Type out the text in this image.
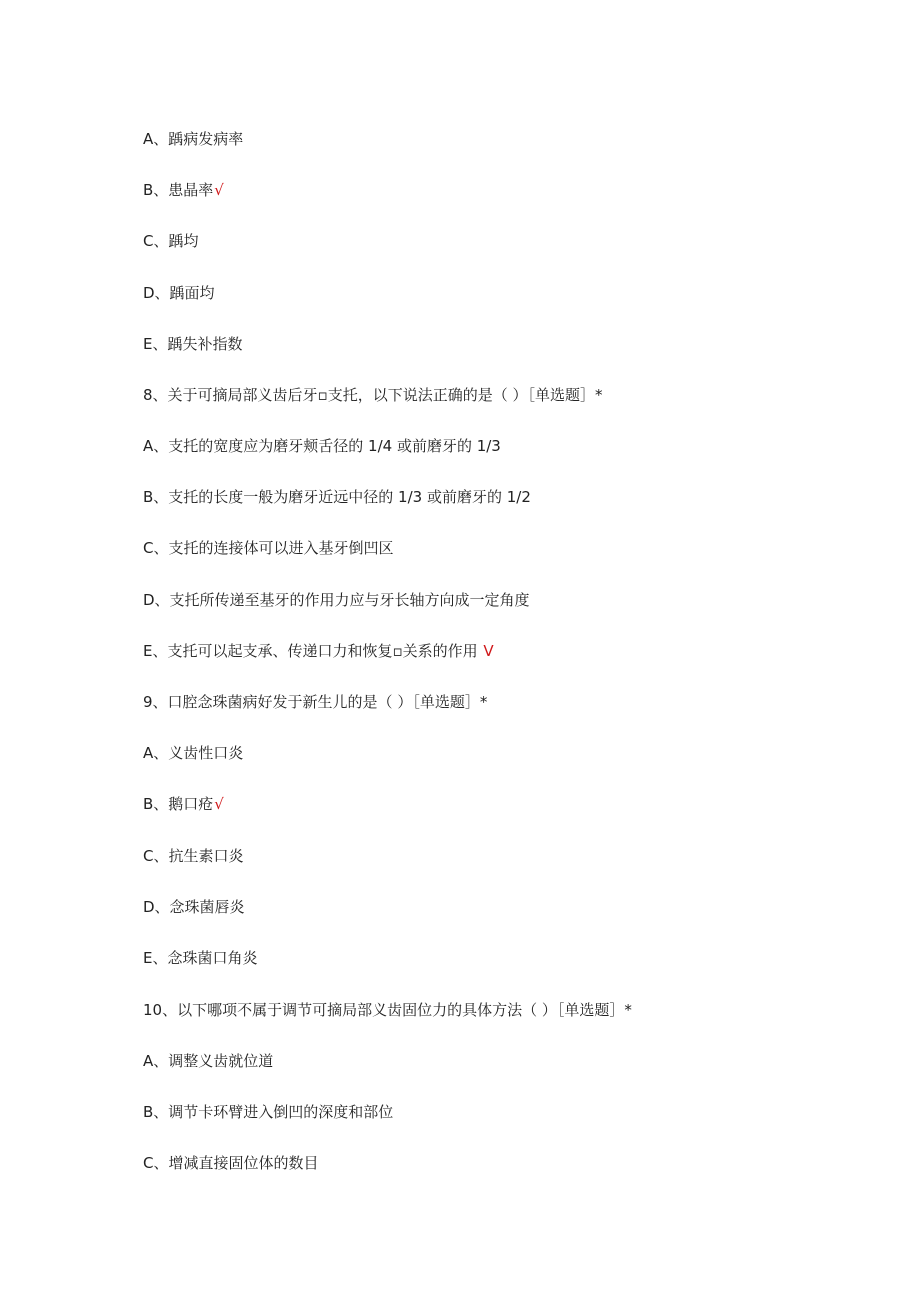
A、踽病发病率
B、患晶率√
C、踽均
D、踽面均
E、踽失补指数
8、关于可摘局部义齿后牙▫支托，以下说法正确的是（ ）［单选题］*
A、支托的宽度应为磨牙颊舌径的 1/4 或前磨牙的 1/3
B、支托的长度一般为磨牙近远中径的 1/3 或前磨牙的 1/2
C、支托的连接体可以进入基牙倒凹区
D、支托所传递至基牙的作用力应与牙长轴方向成一定角度
E、支托可以起支承、传递口力和恢复▫关系的作用 V
9、口腔念珠菌病好发于新生儿的是（ ）［单选题］*
A、义齿性口炎
B、鹅口疮√
C、抗生素口炎
D、念珠菌唇炎
E、念珠菌口角炎
10、以下哪项不属于调节可摘局部义齿固位力的具体方法（ ）［单选题］*
A、调整义齿就位道
B、调节卡环臂进入倒凹的深度和部位
C、增减直接固位体的数目
